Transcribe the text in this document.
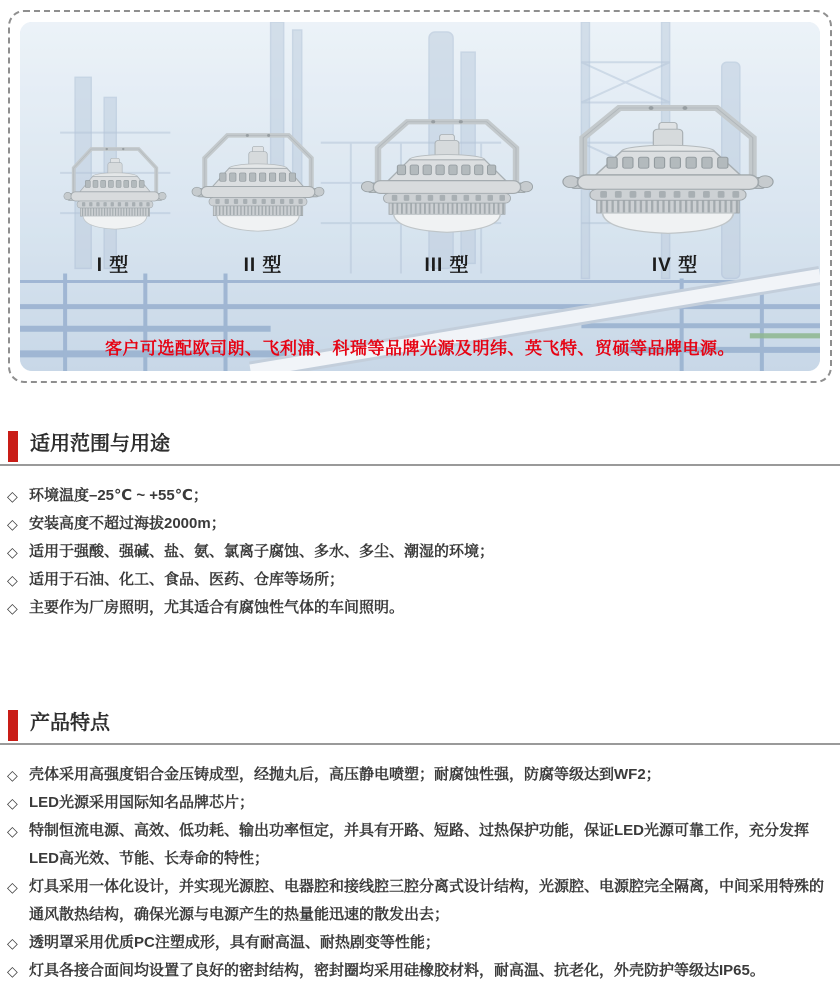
I 型	II 型	III 型	IV 型
客户可选配欧司朗、飞利浦、科瑞等品牌光源及明纬、英飞特、贸硕等品牌电源。
适用范围与用途
◇ 环境温度–25℃ ~ +55℃；
◇ 安装高度不超过海拔2000m；
◇ 适用于强酸、强碱、盐、氨、氯离子腐蚀、多水、多尘、潮湿的环境；
◇ 适用于石油、化工、食品、医药、仓库等场所；
◇ 主要作为厂房照明，尤其适合有腐蚀性气体的车间照明。
产品特点
◇ 壳体采用高强度铝合金压铸成型，经抛丸后，高压静电喷塑；耐腐蚀性强，防腐等级达到WF2；
◇ LED光源采用国际知名品牌芯片；
◇ 特制恒流电源、高效、低功耗、输出功率恒定，并具有开路、短路、过热保护功能，保证LED光源可靠工作，充分发挥LED高光效、节能、长寿命的特性；
◇ 灯具采用一体化设计，并实现光源腔、电器腔和接线腔三腔分离式设计结构，光源腔、电源腔完全隔离，中间采用特殊的通风散热结构，确保光源与电源产生的热量能迅速的散发出去；
◇ 透明罩采用优质PC注塑成形，具有耐高温、耐热剧变等性能；
◇ 灯具各接合面间均设置了良好的密封结构，密封圈均采用硅橡胶材料，耐高温、抗老化，外壳防护等级达IP65。
